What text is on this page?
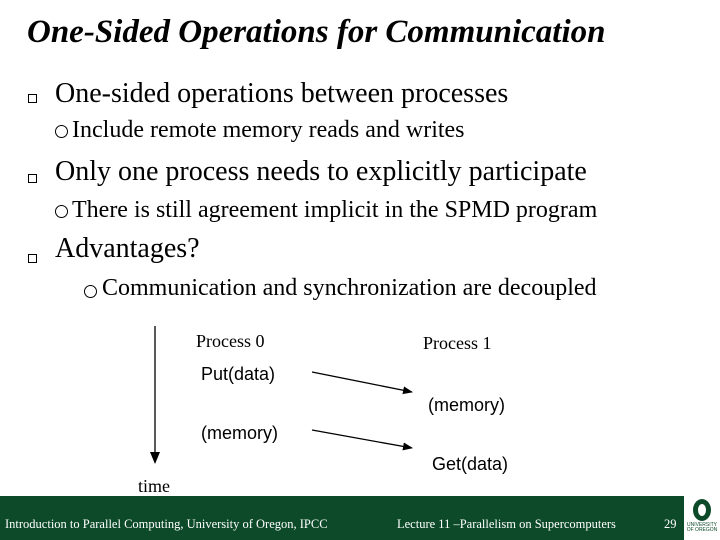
One-Sided Operations for Communication
One-sided operations between processes
Include remote memory reads and writes
Only one process needs to explicitly participate
There is still agreement implicit in the SPMD program
Advantages?
Communication and synchronization are decoupled
Process 0	Process 1
Put(data)
(memory)
(memory)
Get(data)
time
Introduction to Parallel Computing, University of Oregon, IPCC	Lecture 11 –Parallelism on Supercomputers	29	UNIVERSITY OF OREGON
